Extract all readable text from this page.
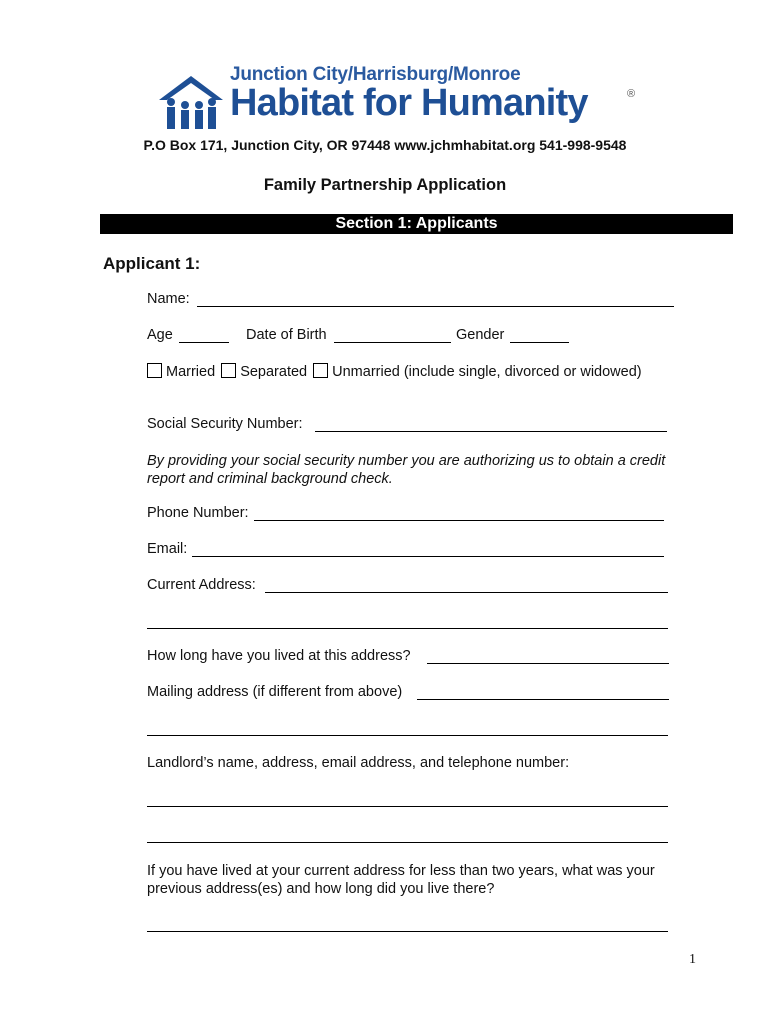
Junction City/Harrisburg/Monroe
Habitat for Humanity	®
P.O Box 171, Junction City, OR 97448 www.jchmhabitat.org 541-998-9548
Family Partnership Application
Section 1: Applicants
Applicant 1:
Name:
Age	Date of Birth	Gender
Married Separated Unmarried (include single, divorced or widowed)
Social Security Number:
By providing your social security number you are authorizing us to obtain a credit report and criminal background check.
Phone Number:
Email:
Current Address:
How long have you lived at this address?
Mailing address (if different from above)
Landlord’s name, address, email address, and telephone number:
If you have lived at your current address for less than two years, what was your previous address(es) and how long did you live there?
1
